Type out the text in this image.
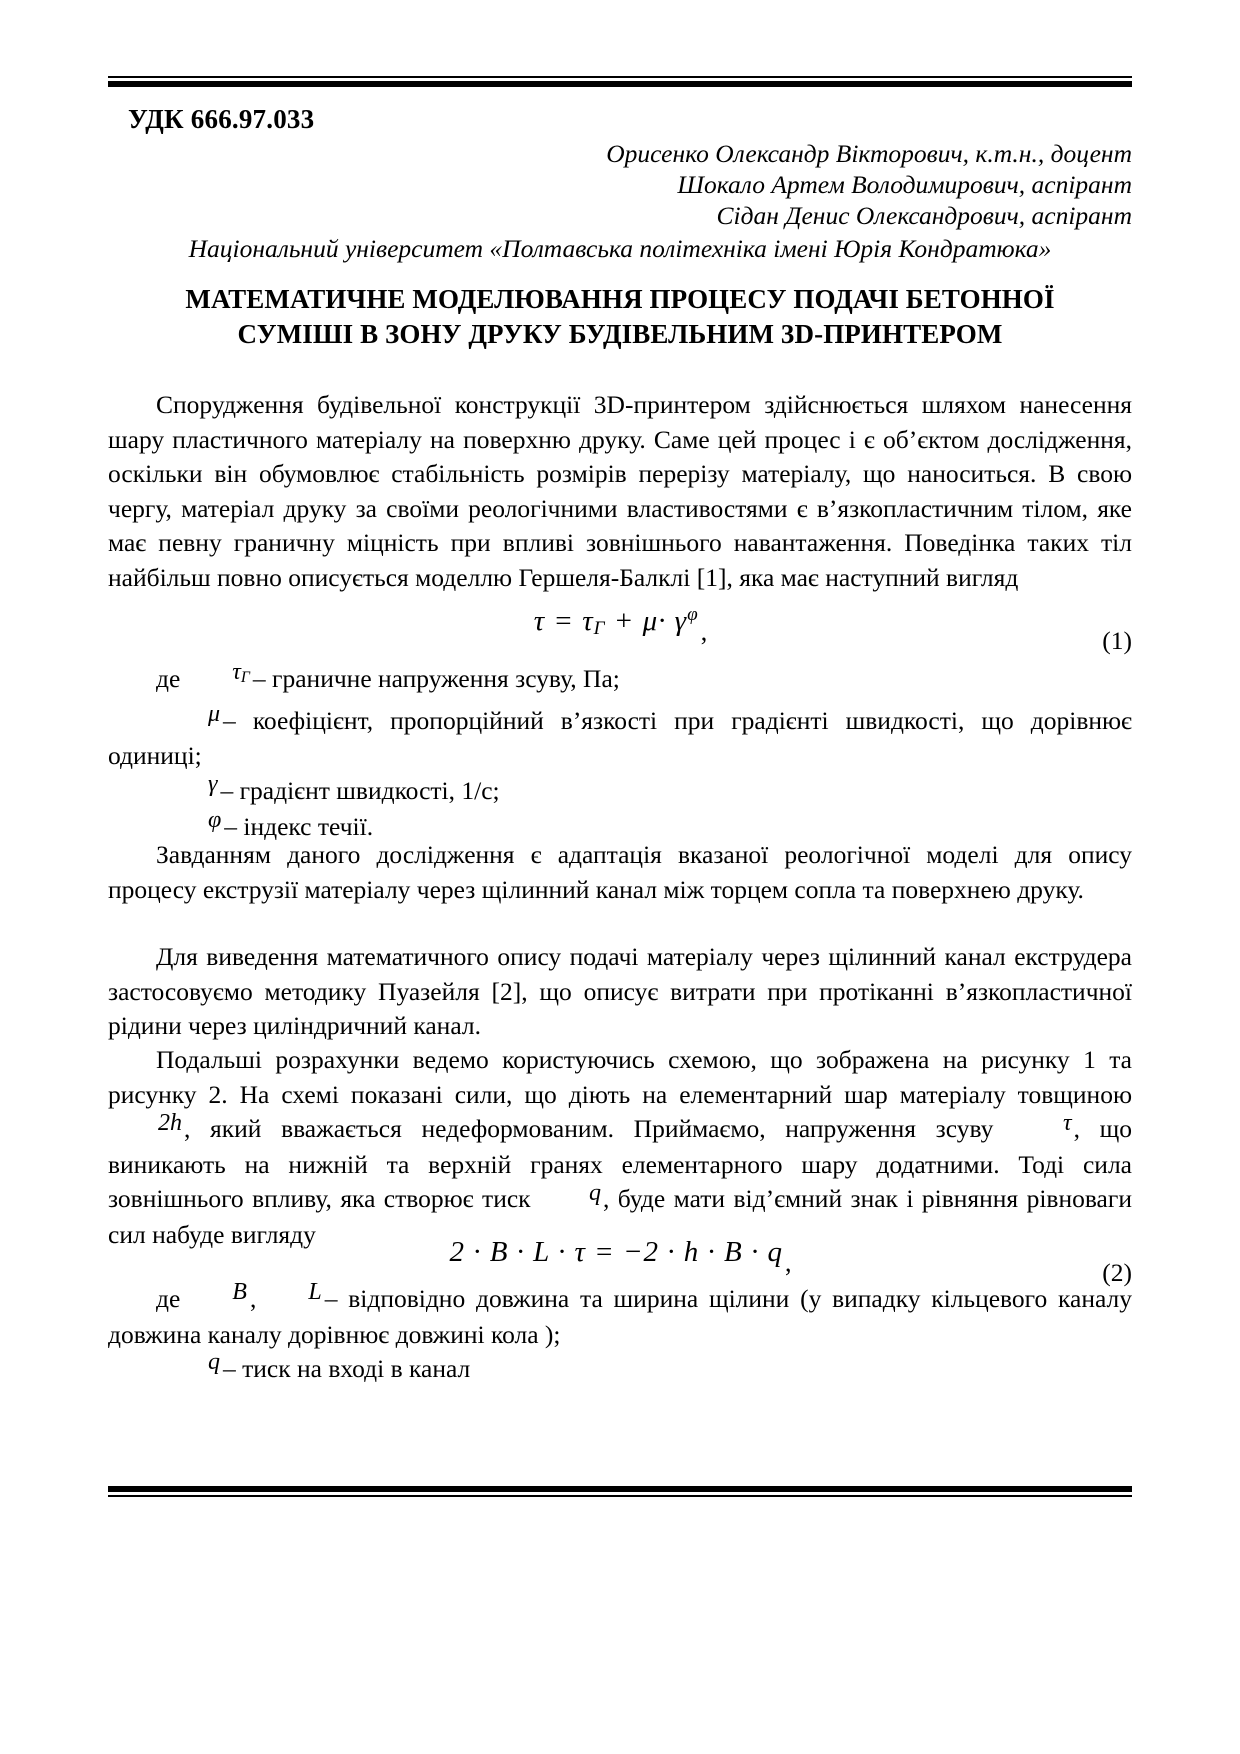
УДК 666.97.033
Орисенко Олександр Вікторович, к.т.н., доцент
Шокало Артем Володимирович, аспірант
Сідан Денис Олександрович, аспірант
Національний університет «Полтавська політехніка імені Юрія Кондратюка»
МАТЕМАТИЧНЕ МОДЕЛЮВАННЯ ПРОЦЕСУ ПОДАЧІ БЕТОННОЇ
СУМІШІ В ЗОНУ ДРУКУ БУДІВЕЛЬНИМ 3D-ПРИНТЕРОМ

Спорудження будівельної конструкції 3D-принтером здійснюється шляхом нанесення шару пластичного матеріалу на поверхню друку. Саме цей процес і є об’єктом дослідження, оскільки він обумовлює стабільність розмірів перерізу матеріалу, що наноситься. В свою чергу, матеріал друку за своїми реологічними властивостями є в’язкопластичним тілом, яке має певну граничну міцність при впливі зовнішнього навантаження. Поведінка таких тіл найбільш повно описується моделлю Гершеля-Балклі [1], яка має наступний вигляд

$\tau = \tau_\Gamma + \mu\cdot \gamma^\varphi$,	(1)

де $\tau_\Gamma$ – граничне напруження зсуву, Па;

μ – коефіцієнт, пропорційний в’язкості при градієнті швидкості, що дорівнює одиниці;

γ – градієнт швидкості, 1/с;

φ – індекс течії.

Завданням даного дослідження є адаптація вказаної реологічної моделі для опису процесу екструзії матеріалу через щілинний канал між торцем сопла та поверхнею друку.

Для виведення математичного опису подачі матеріалу через щілинний канал екструдера застосовуємо методику Пуазейля [2], що описує витрати при протіканні в’язкопластичної рідини через циліндричний канал.

Подальші розрахунки ведемо користуючись схемою, що зображена на рисунку 1 та рисунку 2. На схемі показані сили, що діють на елементарний шар матеріалу товщиною 2h, який вважається недеформованим. Приймаємо, напруження зсуву τ, що виникають на нижній та верхній гранях елементарного шару додатними. Тоді сила зовнішнього впливу, яка створює тиск q, буде мати від’ємний знак і рівняння рівноваги сил набуде вигляду

2 · B · L · τ = −2 · h · B · q,	(2)

де B , L – відповідно довжина та ширина щілини (у випадку кільцевого каналу довжина каналу дорівнює довжині кола );

q – тиск на вході в канал
